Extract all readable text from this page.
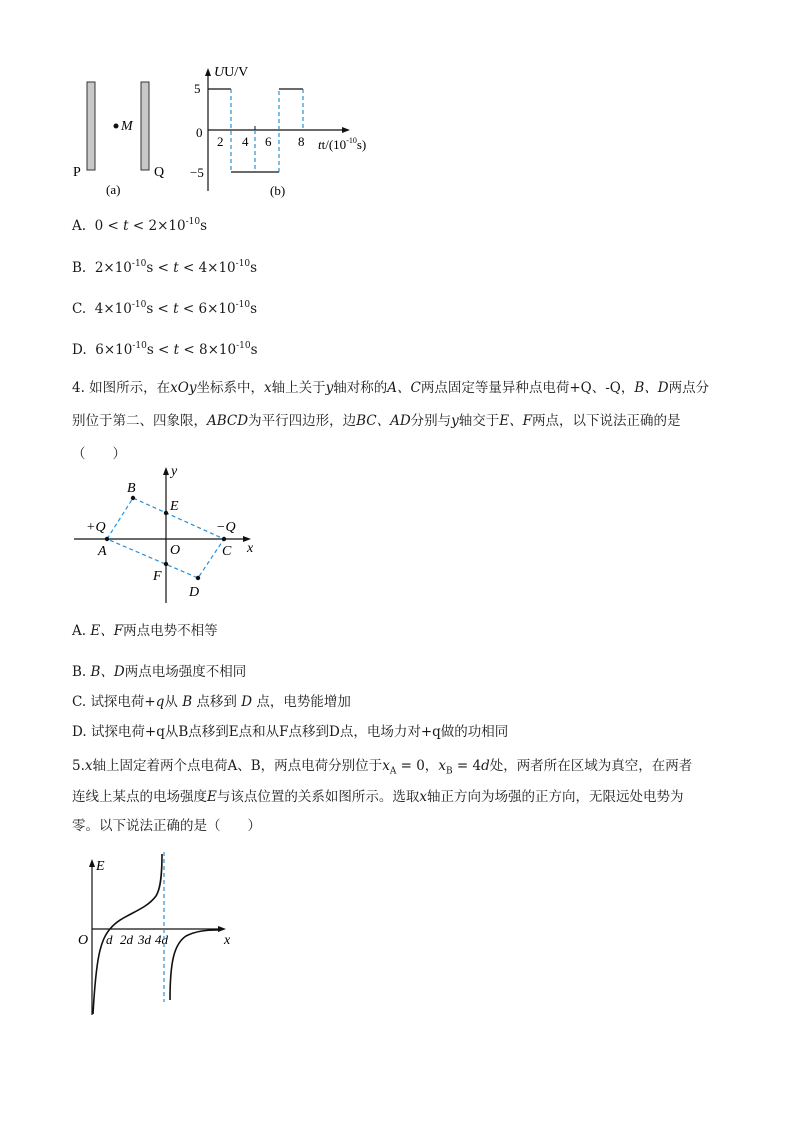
M
P	Q
(a)
UU/V
5
0
−5
2 4 6 8 $tt/(10^{-10}s)$
(b)
A. $0 < t < 2\times 10^{-10}s$
B. $2\times 10^{-10}s < t < 4\times 10^{-10}s$
C. $4\times 10^{-10}s < t < 6\times 10^{-10}s$
D. $6\times 10^{-10}s < t < 8\times 10^{-10}s$
4. 如图所示，在xOy坐标系中，x轴上关于y轴对称的A、C两点固定等量异种点电荷+Q、-Q，B、D两点分别位于第二、四象限，ABCD为平行四边形，边BC、AD分别与y轴交于E、F两点，以下说法正确的是（　　）
x
y
+Q	−Q
A
B
C
D
E
F
O
A. E、F两点电势不相等
B. B、D两点电场强度不相同
C. 试探电荷+q从 B 点移到 D 点，电势能增加
D. 试探电荷+q从B点移到E点和从F点移到D点，电场力对+q做的功相同
5.x轴上固定着两个点电荷A、B，两点电荷分别位于$x_A = 0$，$x_B = 4d$处，两者所在区域为真空，在两者
连线上某点的电场强度E与该点位置的关系如图所示。选取x轴正方向为场强的正方向，无限远处电势为
零。以下说法正确的是（　　）
E
O	x
d 2d 3d 4d
